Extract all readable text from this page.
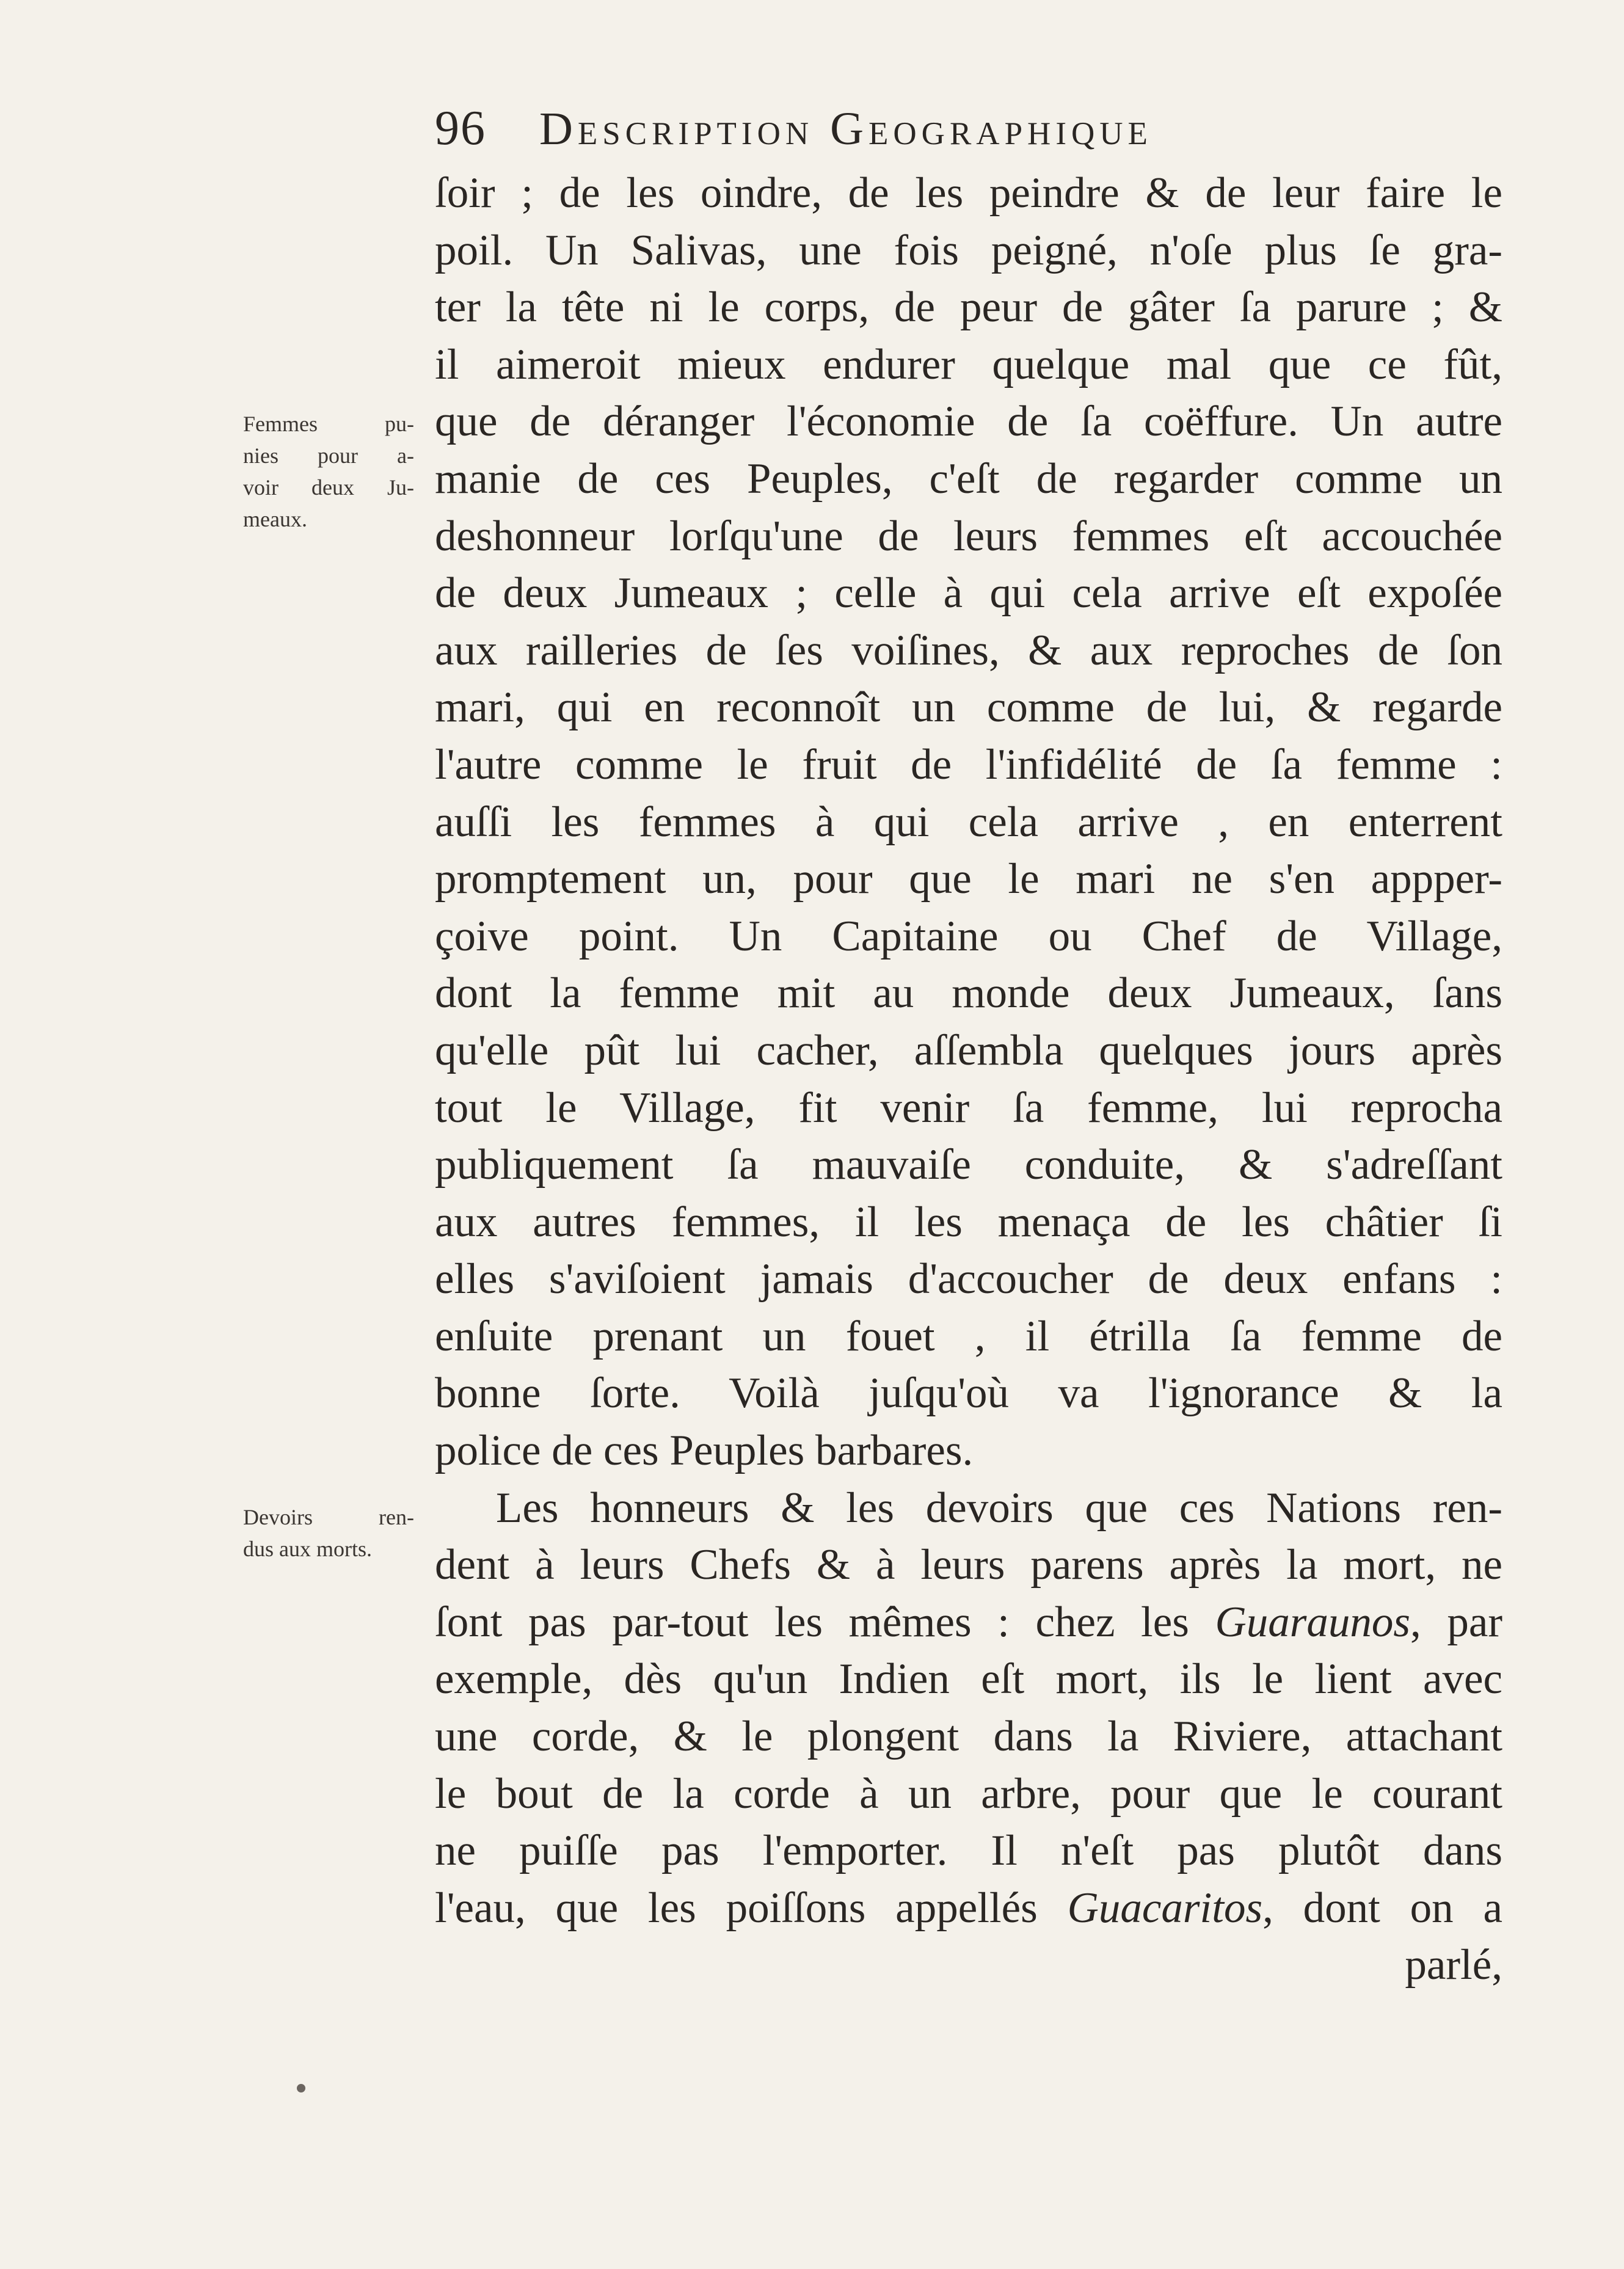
96 Description Geographique
Femmes pu-
nies pour a-
voir deux Ju-
meaux.
Devoirs ren-
dus aux morts.
ſoir ; de les oindre, de les peindre & de leur faire le
poil. Un Salivas, une fois peigné, n'oſe plus ſe gra-
ter la tête ni le corps, de peur de gâter ſa parure ; &
il aimeroit mieux endurer quelque mal que ce fût,
que de déranger l'économie de ſa coëffure. Un autre
manie de ces Peuples, c'eſt de regarder comme un
deshonneur lorſqu'une de leurs femmes eſt accouchée
de deux Jumeaux ; celle à qui cela arrive eſt expoſée
aux railleries de ſes voiſines, & aux reproches de ſon
mari, qui en reconnoît un comme de lui, & regarde
l'autre comme le fruit de l'infidélité de ſa femme :
auſſi les femmes à qui cela arrive , en enterrent
promptement un, pour que le mari ne s'en appper-
çoive point. Un Capitaine ou Chef de Village,
dont la femme mit au monde deux Jumeaux, ſans
qu'elle pût lui cacher, aſſembla quelques jours après
tout le Village, fit venir ſa femme, lui reprocha
publiquement ſa mauvaiſe conduite, & s'adreſſant
aux autres femmes, il les menaça de les châtier ſi
elles s'aviſoient jamais d'accoucher de deux enfans :
enſuite prenant un fouet , il étrilla ſa femme de
bonne ſorte. Voilà juſqu'où va l'ignorance & la
police de ces Peuples barbares.
Les honneurs & les devoirs que ces Nations ren-
dent à leurs Chefs & à leurs parens après la mort, ne
ſont pas par-tout les mêmes : chez les Guaraunos, par
exemple, dès qu'un Indien eſt mort, ils le lient avec
une corde, & le plongent dans la Riviere, attachant
le bout de la corde à un arbre, pour que le courant
ne puiſſe pas l'emporter. Il n'eſt pas plutôt dans
l'eau, que les poiſſons appellés Guacaritos, dont on a
parlé,
